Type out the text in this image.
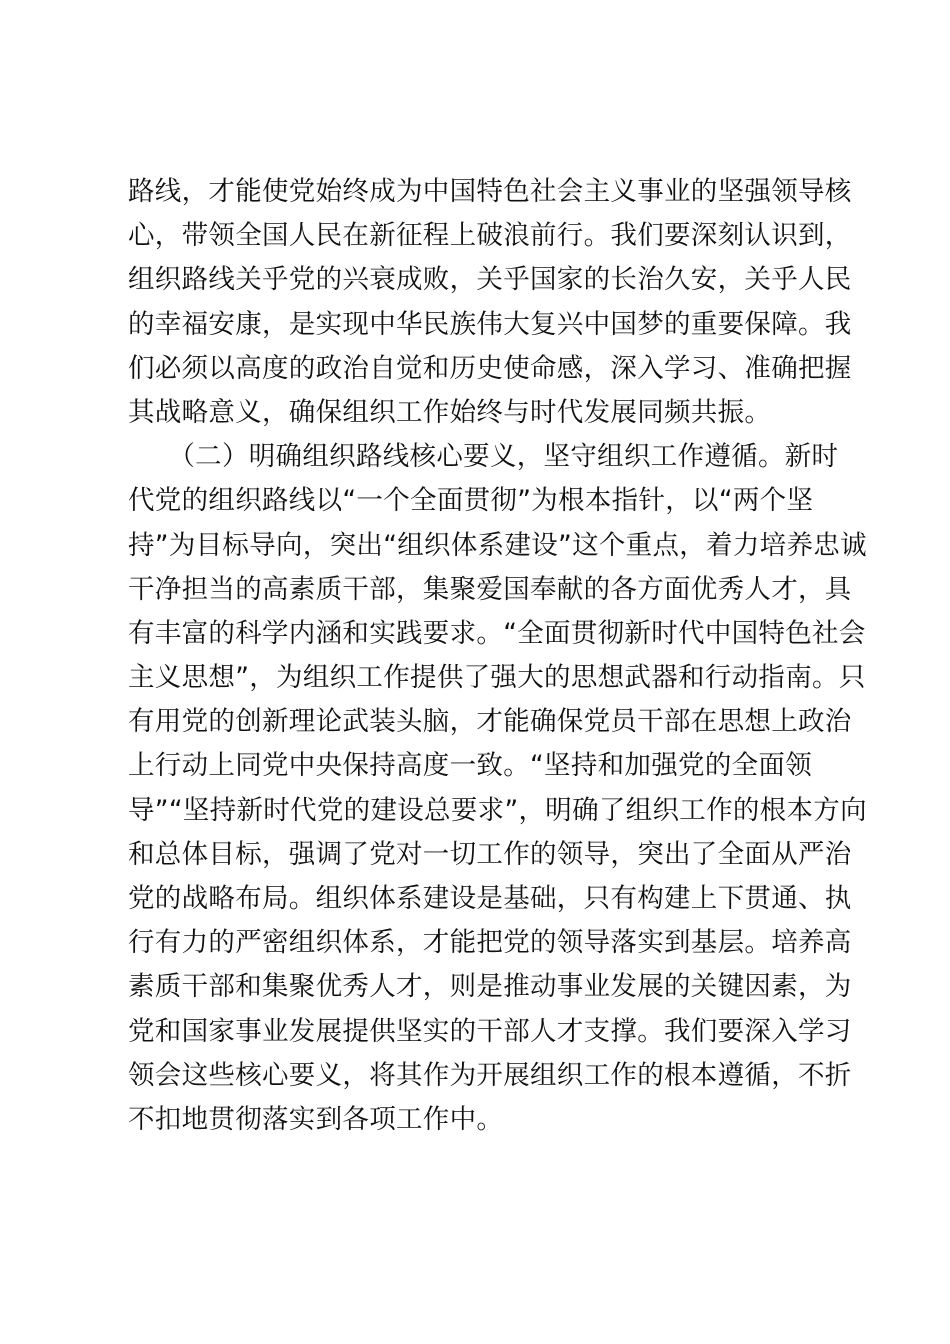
路线，才能使党始终成为中国特色社会主义事业的坚强领导核
心，带领全国人民在新征程上破浪前行。我们要深刻认识到，
组织路线关乎党的兴衰成败，关乎国家的长治久安，关乎人民
的幸福安康，是实现中华民族伟大复兴中国梦的重要保障。我
们必须以高度的政治自觉和历史使命感，深入学习、准确把握
其战略意义，确保组织工作始终与时代发展同频共振。
　　（二）明确组织路线核心要义，坚守组织工作遵循。新时
代党的组织路线以“一个全面贯彻”为根本指针，以“两个坚
持”为目标导向，突出“组织体系建设”这个重点，着力培养忠诚
干净担当的高素质干部，集聚爱国奉献的各方面优秀人才，具
有丰富的科学内涵和实践要求。“全面贯彻新时代中国特色社会
主义思想”，为组织工作提供了强大的思想武器和行动指南。只
有用党的创新理论武装头脑，才能确保党员干部在思想上政治
上行动上同党中央保持高度一致。“坚持和加强党的全面领
导”“坚持新时代党的建设总要求”，明确了组织工作的根本方向
和总体目标，强调了党对一切工作的领导，突出了全面从严治
党的战略布局。组织体系建设是基础，只有构建上下贯通、执
行有力的严密组织体系，才能把党的领导落实到基层。培养高
素质干部和集聚优秀人才，则是推动事业发展的关键因素，为
党和国家事业发展提供坚实的干部人才支撑。我们要深入学习
领会这些核心要义，将其作为开展组织工作的根本遵循，不折
不扣地贯彻落实到各项工作中。
